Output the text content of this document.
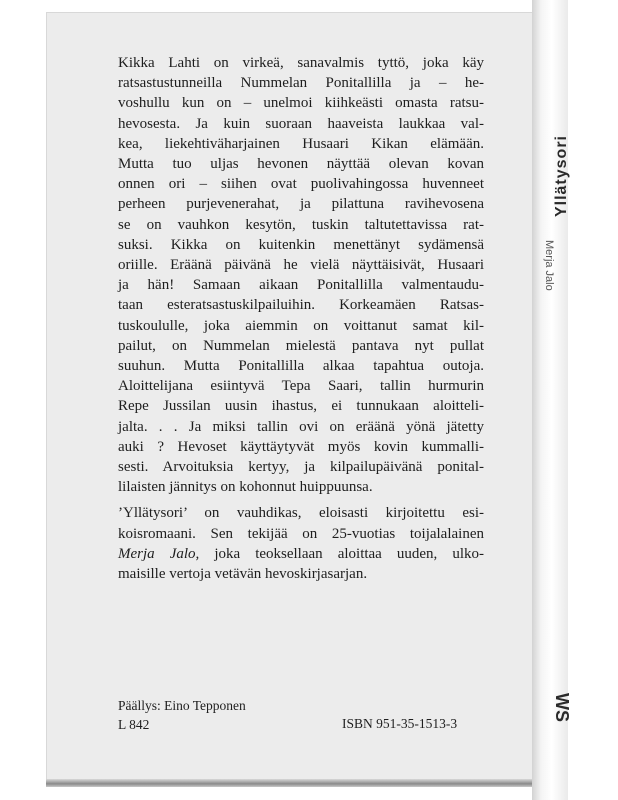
Yllätysori
Merja Jalo
WS
Kikka Lahti on virkeä, sanavalmis tyttö, joka käy
ratsastustunneilla Nummelan Ponitallilla ja – he-
voshullu kun on – unelmoi kiihkeästi omasta ratsu-
hevosesta. Ja kuin suoraan haaveista laukkaa val-
kea, liekehtiväharjainen Husaari Kikan elämään.
Mutta tuo uljas hevonen näyttää olevan kovan
onnen ori – siihen ovat puolivahingossa huvenneet
perheen purjevenerahat, ja pilattuna ravihevosena
se on vauhkon kesytön, tuskin taltutettavissa rat-
suksi. Kikka on kuitenkin menettänyt sydämensä
oriille. Eräänä päivänä he vielä näyttäisivät, Husaari
ja hän! Samaan aikaan Ponitallilla valmentaudu-
taan esteratsastuskilpailuihin. Korkeamäen Ratsas-
tuskoululle, joka aiemmin on voittanut samat kil-
pailut, on Nummelan mielestä pantava nyt pullat
suuhun. Mutta Ponitallilla alkaa tapahtua outoja.
Aloittelijana esiintyvä Tepa Saari, tallin hurmurin
Repe Jussilan uusin ihastus, ei tunnukaan aloitteli-
jalta. . . Ja miksi tallin ovi on eräänä yönä jätetty
auki ? Hevoset käyttäytyvät myös kovin kummalli-
sesti. Arvoituksia kertyy, ja kilpailupäivänä ponital-
lilaisten jännitys on kohonnut huippuunsa.
’Yllätysori’ on vauhdikas, eloisasti kirjoitettu esi-
koisromaani. Sen tekijää on 25-vuotias toijalalainen
Merja Jalo, joka teoksellaan aloittaa uuden, ulko-
maisille vertoja vetävän hevoskirjasarjan.
Päällys: Eino Tepponen
L 842	ISBN 951-35-1513-3
